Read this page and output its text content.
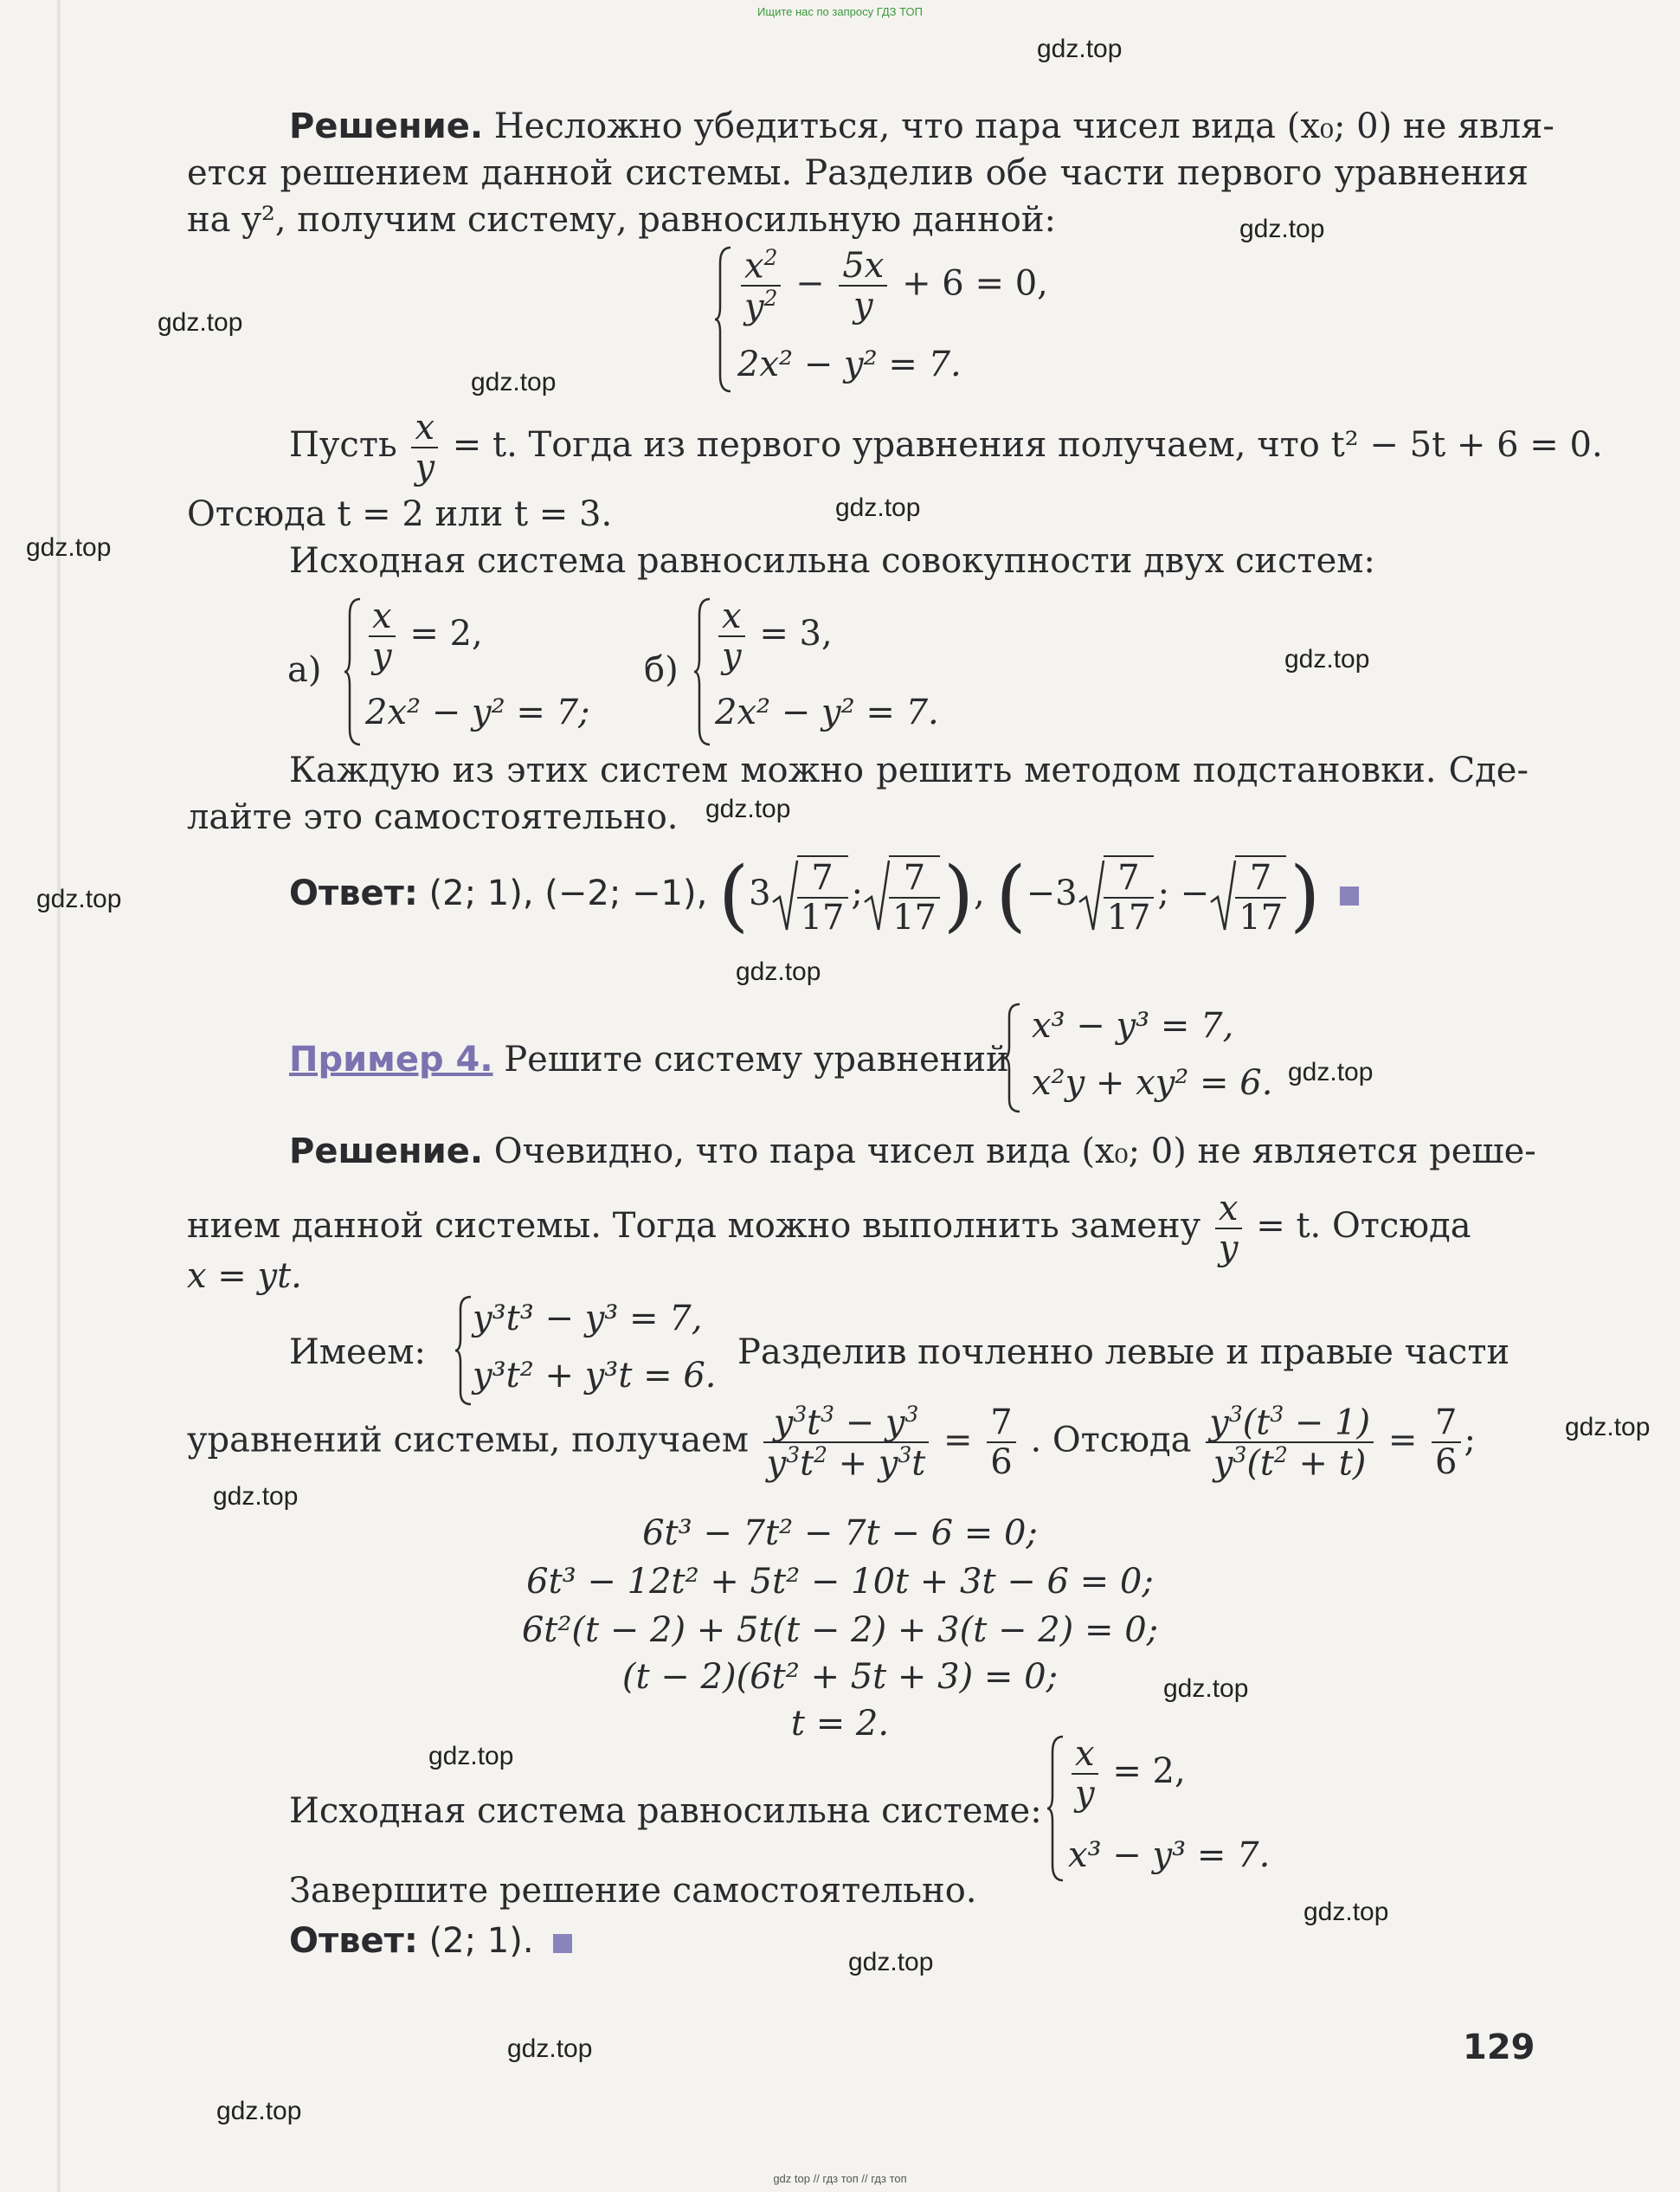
Ищите нас по запросу ГДЗ ТОП
gdz.top
gdz.top
gdz.top
gdz.top
gdz.top
gdz.top
gdz.top
gdz.top
gdz.top
gdz.top
gdz.top
gdz.top
gdz.top
gdz.top
gdz.top
gdz.top
gdz.top
gdz.top
gdz.top
Решение. Несложно убедиться, что пара чисел вида (x₀; 0) не явля-
ется решением данной системы. Разделив обе части первого уравнения
на y², получим систему, равносильную данной:
$\frac{x^2}{y^2} - \frac{5x}{y} + 6 = 0$,
2x² − y² = 7.
Пусть $\frac{x}{y} = t$. Тогда из первого уравнения получаем, что t² − 5t + 6 = 0.
Отсюда t = 2 или t = 3.
Исходная система равносильна совокупности двух систем:
$а) \frac{x}{y} = 2$,
2x² − y² = 7;
$б) \frac{x}{y} = 3$,
2x² − y² = 7.
Каждую из этих систем можно решить методом подстановки. Сде-
лайте это самостоятельно.
Ответ: (2; 1), (−2; −1), ($3 \frac{7}{17}$ ; $\frac{7}{17}$ ), ($-3 \frac{7}{17}$ ; − $\frac{7}{17}$ )
Пример 4. Решите систему уравнений
x³ − y³ = 7,
x²y + xy² = 6.
Решение. Очевидно, что пара чисел вида (x₀; 0) не является реше-
нием данной системы. Тогда можно выполнить замену $\frac{x}{y} = t$. Отсюда
x = yt.
Имеем:
y³t³ − y³ = 7,
y³t² + y³t = 6.
Разделив почленно левые и правые части
уравнений системы, получаем $\frac{y^3t^3 - y^3}{y^3t^2 + y^3t} = \frac{7}{6}$ . Отсюда $\frac{y^3(t^3 - 1)}{y^3(t^2 + t)} = \frac{7}{6}$ ;
6t³ − 7t² − 7t − 6 = 0;
6t³ − 12t² + 5t² − 10t + 3t − 6 = 0;
6t²(t − 2) + 5t(t − 2) + 3(t − 2) = 0;
(t − 2)(6t² + 5t + 3) = 0;
t = 2.
Исходная система равносильна системе: $\frac{x}{y} = 2$,
x³ − y³ = 7.
Завершите решение самостоятельно.
Ответ: (2; 1).
129
gdz top // гдз топ // гдз топ
